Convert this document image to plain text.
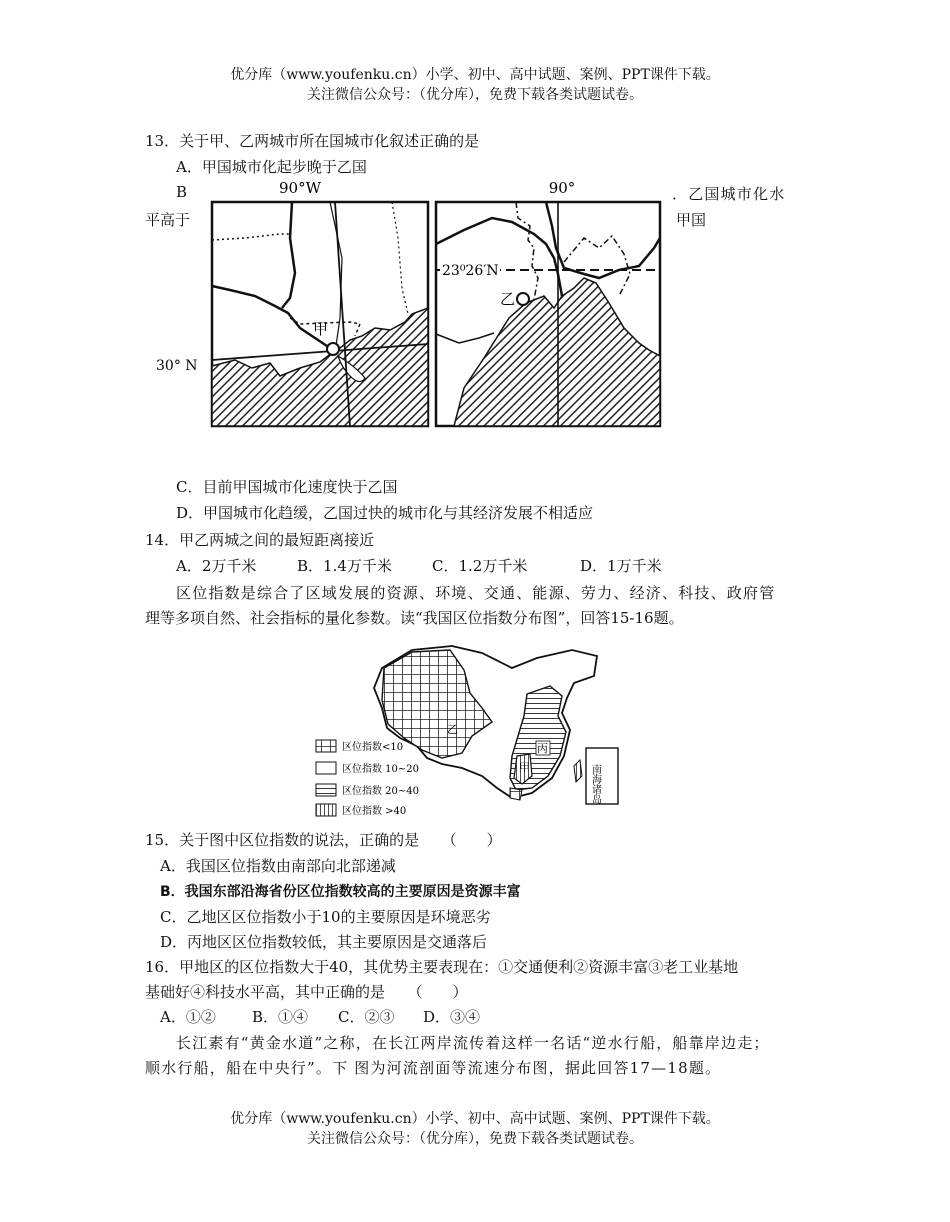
优分库（www.youfenku.cn）小学、初中、高中试题、案例、PPT课件下载。
关注微信公众号：（优分库），免费下载各类试题试卷。
13．关于甲、乙两城市所在国城市化叙述正确的是
A．甲国城市化起步晚于乙国
B
平高于
．乙国城市化水
甲国
90°W
30° N
甲
90°
23⁰26′N
乙
C．目前甲国城市化速度快于乙国
D．甲国城市化趋缓，乙国过快的城市化与其经济发展不相适应
14．甲乙两城之间的最短距离接近
A．2万千米	B．1.4万千米	C．1.2万千米	D．1万千米
区位指数是综合了区域发展的资源、环境、交通、能源、劳力、经济、科技、政府管
理等多项自然、社会指标的量化参数。读“我国区位指数分布图”，回答15-16题。
乙
丙
甲	南海诸岛
区位指数<10
区位指数 10~20
区位指数 20~40
区位指数 >40
15．关于图中区位指数的说法，正确的是　　（　　）
A．我国区位指数由南部向北部递减
B．我国东部沿海省份区位指数较高的主要原因是资源丰富
C．乙地区区位指数小于10的主要原因是环境恶劣
D．丙地区区位指数较低，其主要原因是交通落后
16．甲地区的区位指数大于40，其优势主要表现在：①交通便利②资源丰富③老工业基地
基础好④科技水平高，其中正确的是　　（　　）
A．①② B．①④ C．②③ D．③④
长江素有“黄金水道”之称，在长江两岸流传着这样一名话“逆水行船，船靠岸边走；
顺水行船，船在中央行”。下 图为河流剖面等流速分布图，据此回答17—18题。
优分库（www.youfenku.cn）小学、初中、高中试题、案例、PPT课件下载。
关注微信公众号：（优分库），免费下载各类试题试卷。
